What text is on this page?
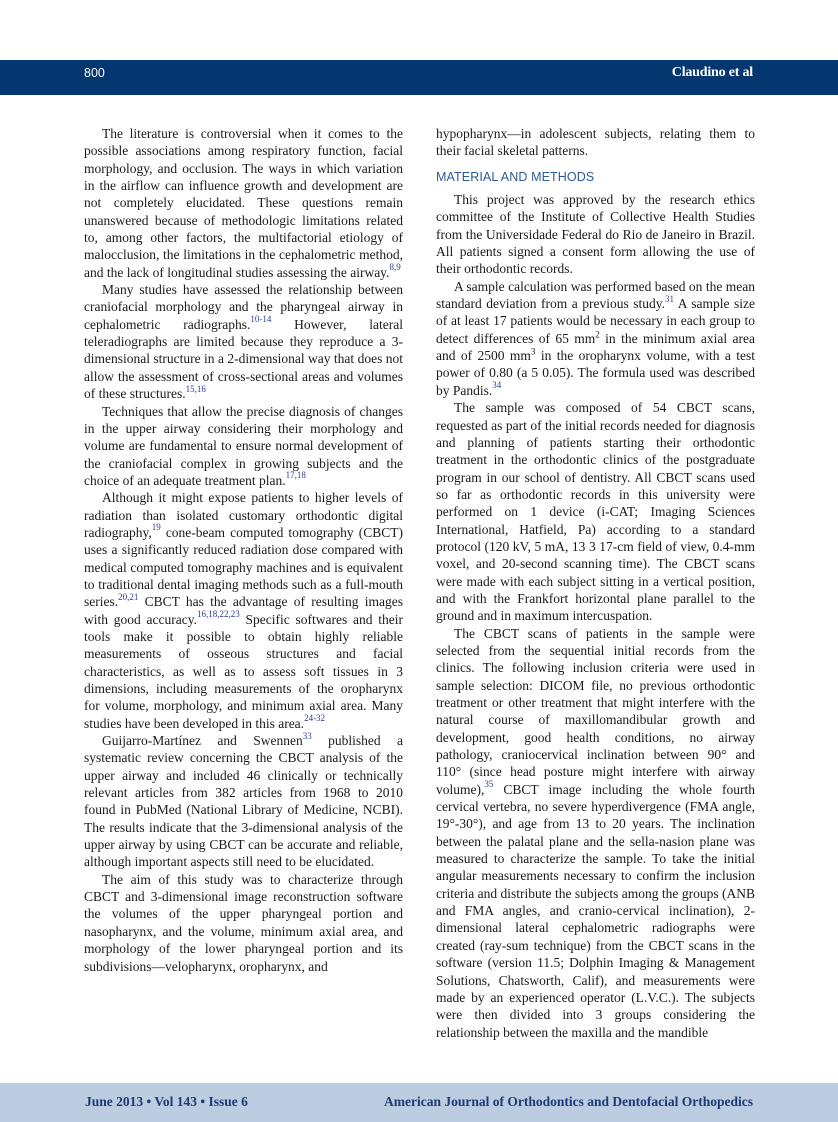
800	Claudino et al

The literature is controversial when it comes to the possible associations among respiratory function, facial morphology, and occlusion. The ways in which variation in the airflow can influence growth and development are not completely elucidated. These questions remain unanswered because of methodologic limitations related to, among other factors, the multifactorial etiology of malocclusion, the limitations in the cephalometric method, and the lack of longitudinal studies assessing the airway.$^{8,9}$

Many studies have assessed the relationship between craniofacial morphology and the pharyngeal airway in cephalometric radiographs.$^{10-14}$ However, lateral teleradiographs are limited because they reproduce a 3-dimensional structure in a 2-dimensional way that does not allow the assessment of cross-sectional areas and volumes of these structures.$^{15,16}$

Techniques that allow the precise diagnosis of changes in the upper airway considering their morphology and volume are fundamental to ensure normal development of the craniofacial complex in growing subjects and the choice of an adequate treatment plan.$^{17,18}$

Although it might expose patients to higher levels of radiation than isolated customary orthodontic digital radiography,$^{19}$ cone-beam computed tomography (CBCT) uses a significantly reduced radiation dose compared with medical computed tomography machines and is equivalent to traditional dental imaging methods such as a full-mouth series.$^{20,21}$ CBCT has the advantage of resulting images with good accuracy.$^{16,18,22,23}$ Specific softwares and their tools make it possible to obtain highly reliable measurements of osseous structures and facial characteristics, as well as to assess soft tissues in 3 dimensions, including measurements of the oropharynx for volume, morphology, and minimum axial area. Many studies have been developed in this area.$^{24-32}$

Guijarro-Martínez and Swennen$^{33}$ published a systematic review concerning the CBCT analysis of the upper airway and included 46 clinically or technically relevant articles from 382 articles from 1968 to 2010 found in PubMed (National Library of Medicine, NCBI). The results indicate that the 3-dimensional analysis of the upper airway by using CBCT can be accurate and reliable, although important aspects still need to be elucidated.

The aim of this study was to characterize through CBCT and 3-dimensional image reconstruction software the volumes of the upper pharyngeal portion and nasopharynx, and the volume, minimum axial area, and morphology of the lower pharyngeal portion and its subdivisions—velopharynx, oropharynx, and

hypopharynx—in adolescent subjects, relating them to their facial skeletal patterns.

MATERIAL AND METHODS

This project was approved by the research ethics committee of the Institute of Collective Health Studies from the Universidade Federal do Rio de Janeiro in Brazil. All patients signed a consent form allowing the use of their orthodontic records.

A sample calculation was performed based on the mean standard deviation from a previous study.$^{31}$ A sample size of at least 17 patients would be necessary in each group to detect differences of 65 $mm^2$ in the minimum axial area and of 2500 $mm^3$ in the oropharynx volume, with a test power of 0.80 (a 5 0.05). The formula used was described by Pandis.$^{34}$

The sample was composed of 54 CBCT scans, requested as part of the initial records needed for diagnosis and planning of patients starting their orthodontic treatment in the orthodontic clinics of the postgraduate program in our school of dentistry. All CBCT scans used so far as orthodontic records in this university were performed on 1 device (i-CAT; Imaging Sciences International, Hatfield, Pa) according to a standard protocol (120 kV, 5 mA, 13 3 17-cm field of view, 0.4-mm voxel, and 20-second scanning time). The CBCT scans were made with each subject sitting in a vertical position, and with the Frankfort horizontal plane parallel to the ground and in maximum intercuspation.

The CBCT scans of patients in the sample were selected from the sequential initial records from the clinics. The following inclusion criteria were used in sample selection: DICOM file, no previous orthodontic treatment or other treatment that might interfere with the natural course of maxillomandibular growth and development, good health conditions, no airway pathology, craniocervical inclination between 90° and 110° (since head posture might interfere with airway volume),$^{35}$ CBCT image including the whole fourth cervical vertebra, no severe hyperdivergence (FMA angle, 19°-30°), and age from 13 to 20 years. The inclination between the palatal plane and the sella-nasion plane was measured to characterize the sample. To take the initial angular measurements necessary to confirm the inclusion criteria and distribute the subjects among the groups (ANB and FMA angles, and cranio-cervical inclination), 2-dimensional lateral cephalometric radiographs were created (ray-sum technique) from the CBCT scans in the software (version 11.5; Dolphin Imaging & Management Solutions, Chatsworth, Calif), and measurements were made by an experienced operator (L.V.C.). The subjects were then divided into 3 groups considering the relationship between the maxilla and the mandible

June 2013 • Vol 143 • Issue 6	American Journal of Orthodontics and Dentofacial Orthopedics
